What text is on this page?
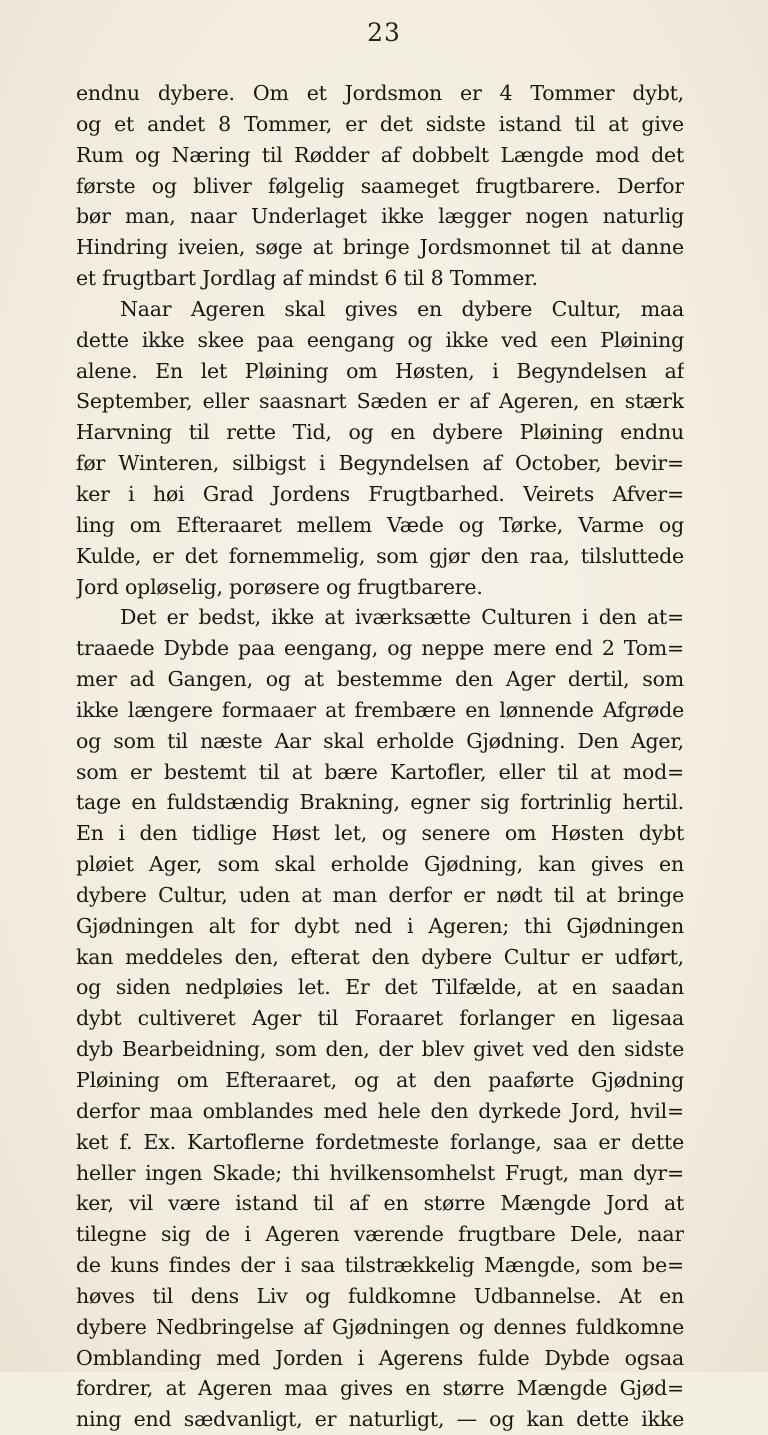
23
endnu dybere. Om et Jordsmon er 4 Tommer dybt,
og et andet 8 Tommer, er det sidste istand til at give
Rum og Næring til Rødder af dobbelt Længde mod det
første og bliver følgelig saameget frugtbarere. Derfor
bør man, naar Underlaget ikke lægger nogen naturlig
Hindring iveien, søge at bringe Jordsmonnet til at danne
et frugtbart Jordlag af mindst 6 til 8 Tommer.
Naar Ageren skal gives en dybere Cultur, maa
dette ikke skee paa eengang og ikke ved een Pløining
alene. En let Pløining om Høsten, i Begyndelsen af
September, eller saasnart Sæden er af Ageren, en stærk
Harvning til rette Tid, og en dybere Pløining endnu
før Winteren, silbigst i Begyndelsen af October, bevir=
ker i høi Grad Jordens Frugtbarhed. Veirets Afver=
ling om Efteraaret mellem Væde og Tørke, Varme og
Kulde, er det fornemmelig, som gjør den raa, tilsluttede
Jord opløselig, porøsere og frugtbarere.
Det er bedst, ikke at iværksætte Culturen i den at=
traaede Dybde paa eengang, og neppe mere end 2 Tom=
mer ad Gangen, og at bestemme den Ager dertil, som
ikke længere formaaer at frembære en lønnende Afgrøde
og som til næste Aar skal erholde Gjødning. Den Ager,
som er bestemt til at bære Kartofler, eller til at mod=
tage en fuldstændig Brakning, egner sig fortrinlig hertil.
En i den tidlige Høst let, og senere om Høsten dybt
pløiet Ager, som skal erholde Gjødning, kan gives en
dybere Cultur, uden at man derfor er nødt til at bringe
Gjødningen alt for dybt ned i Ageren; thi Gjødningen
kan meddeles den, efterat den dybere Cultur er udført,
og siden nedpløies let. Er det Tilfælde, at en saadan
dybt cultiveret Ager til Foraaret forlanger en ligesaa
dyb Bearbeidning, som den, der blev givet ved den sidste
Pløining om Efteraaret, og at den paaførte Gjødning
derfor maa omblandes med hele den dyrkede Jord, hvil=
ket f. Ex. Kartoflerne fordetmeste forlange, saa er dette
heller ingen Skade; thi hvilkensomhelst Frugt, man dyr=
ker, vil være istand til af en større Mængde Jord at
tilegne sig de i Ageren værende frugtbare Dele, naar
de kuns findes der i saa tilstrækkelig Mængde, som be=
høves til dens Liv og fuldkomne Udbannelse. At en
dybere Nedbringelse af Gjødningen og dennes fuldkomne
Omblanding med Jorden i Agerens fulde Dybde ogsaa
fordrer, at Ageren maa gives en større Mængde Gjød=
ning end sædvanligt, er naturligt, — og kan dette ikke
